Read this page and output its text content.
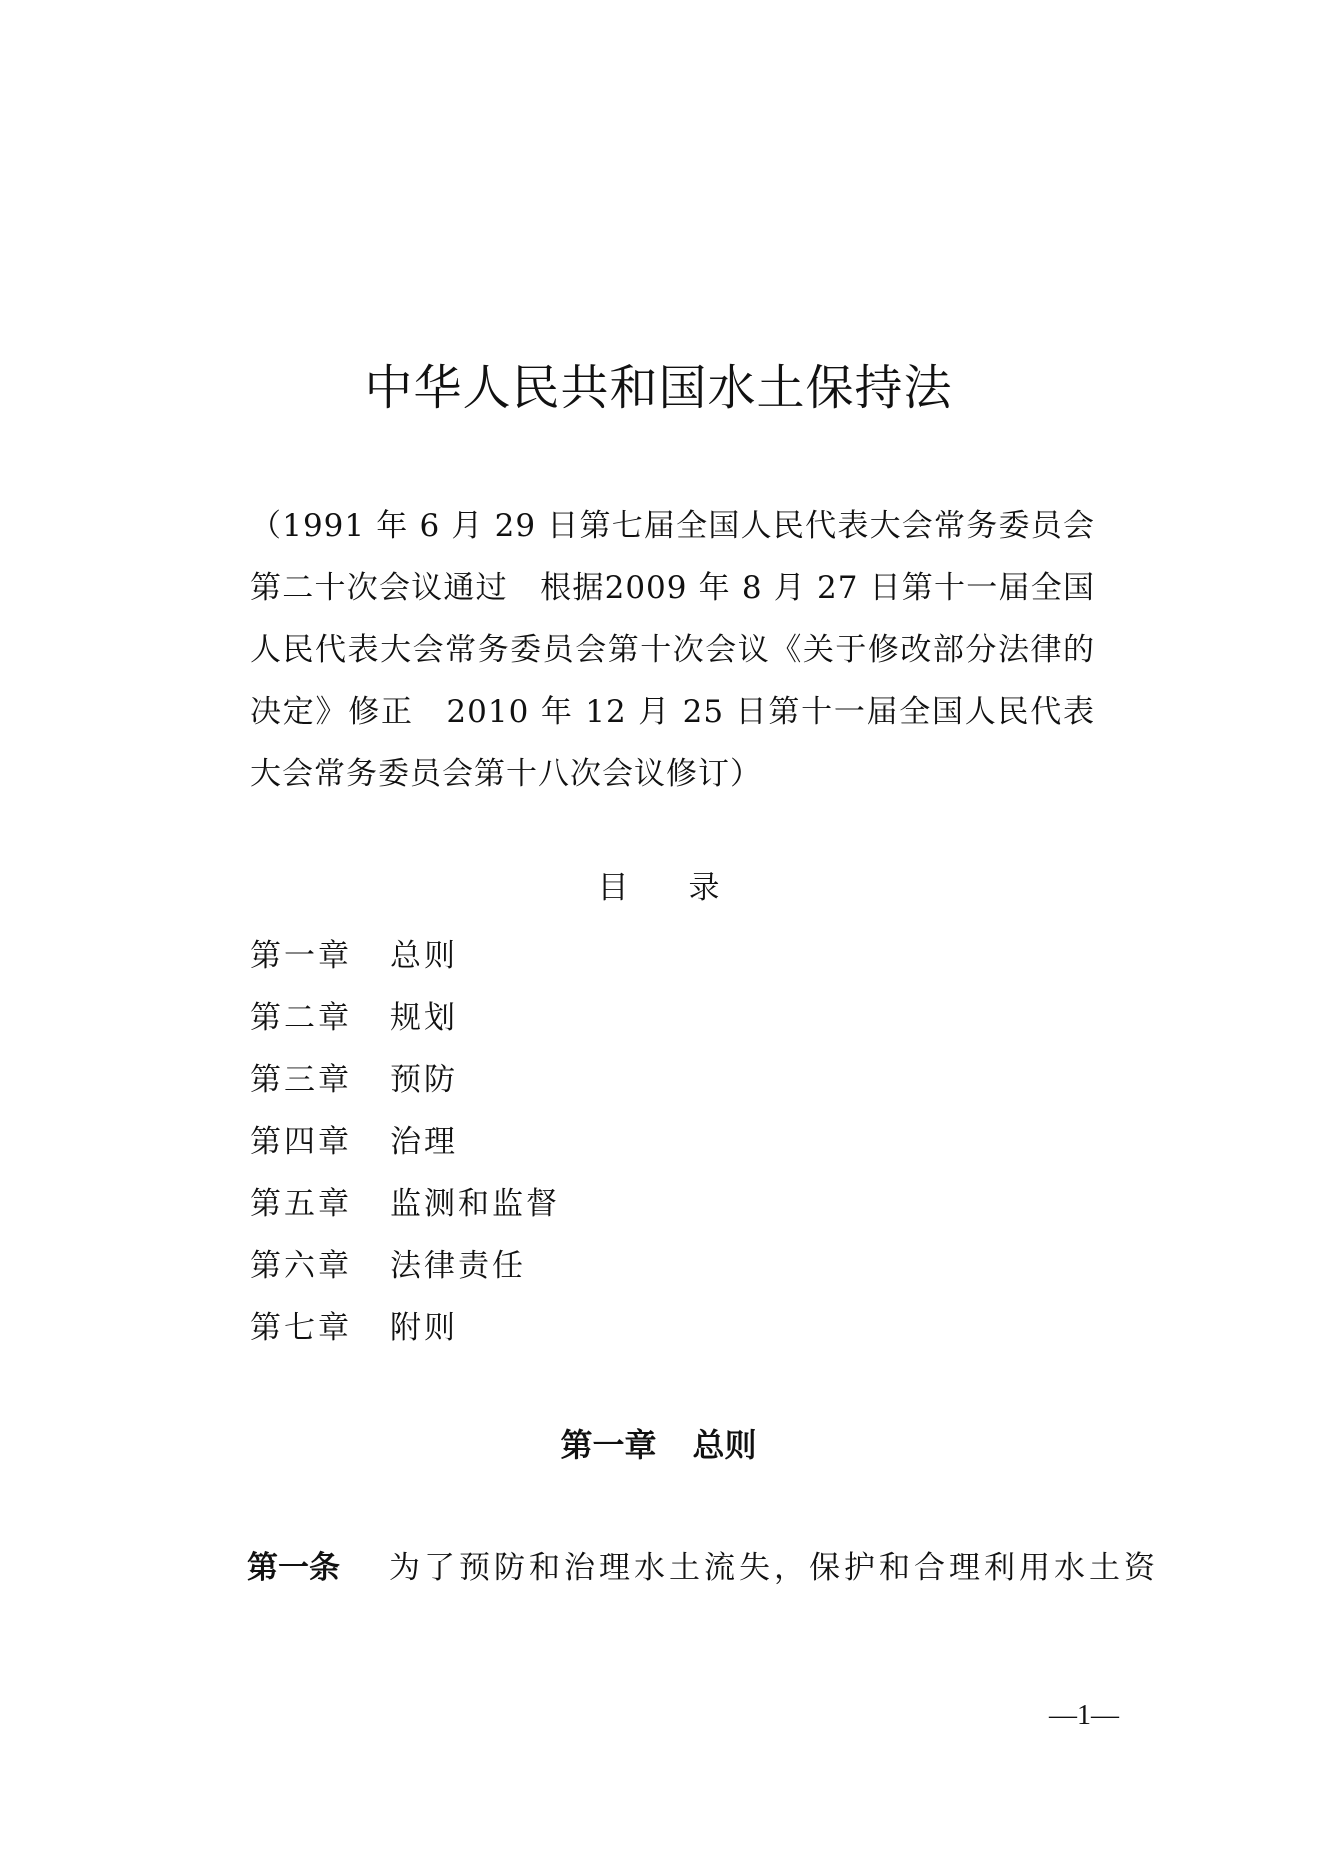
中华人民共和国水土保持法
（1991 年 6 月 29 日第七届全国人民代表大会常务委员会第二十次会议通过　根据2009 年 8 月 27 日第十一届全国人民代表大会常务委员会第十次会议《关于修改部分法律的决定》修正　2010 年 12 月 25 日第十一届全国人民代表大会常务委员会第十八次会议修订）
目录
第一章 总则
第二章 规划
第三章 预防
第四章 治理
第五章 监测和监督
第六章 法律责任
第七章 附则
第一章 总则
第一条 为了预防和治理水土流失，保护和合理利用水土资
—1—
